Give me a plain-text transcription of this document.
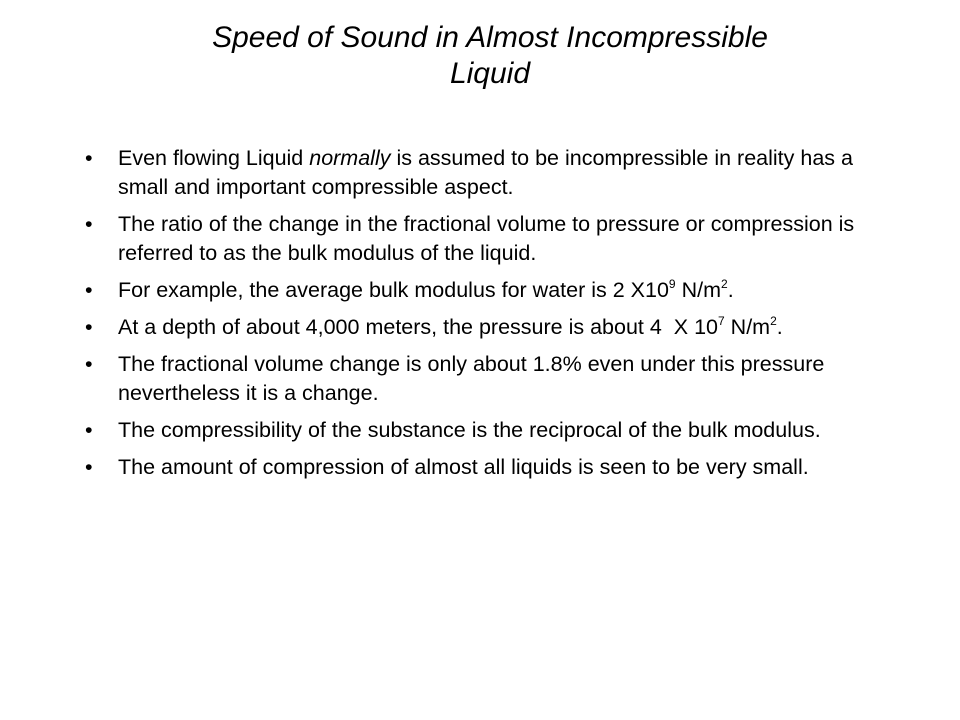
Speed of Sound in Almost Incompressible
Liquid
• Even flowing Liquid normally is assumed to be incompressible in reality has a small and important compressible aspect.
• The ratio of the change in the fractional volume to pressure or compression is referred to as the bulk modulus of the liquid.
• For example, the average bulk modulus for water is 2 $X10^9$ $N/m^2$.
• At a depth of about 4,000 meters, the pressure is about 4  X $10^7$ $N/m^2$.
• The fractional volume change is only about 1.8% even under this pressure nevertheless it is a change.
• The compressibility of the substance is the reciprocal of the bulk modulus.
• The amount of compression of almost all liquids is seen to be very small.
